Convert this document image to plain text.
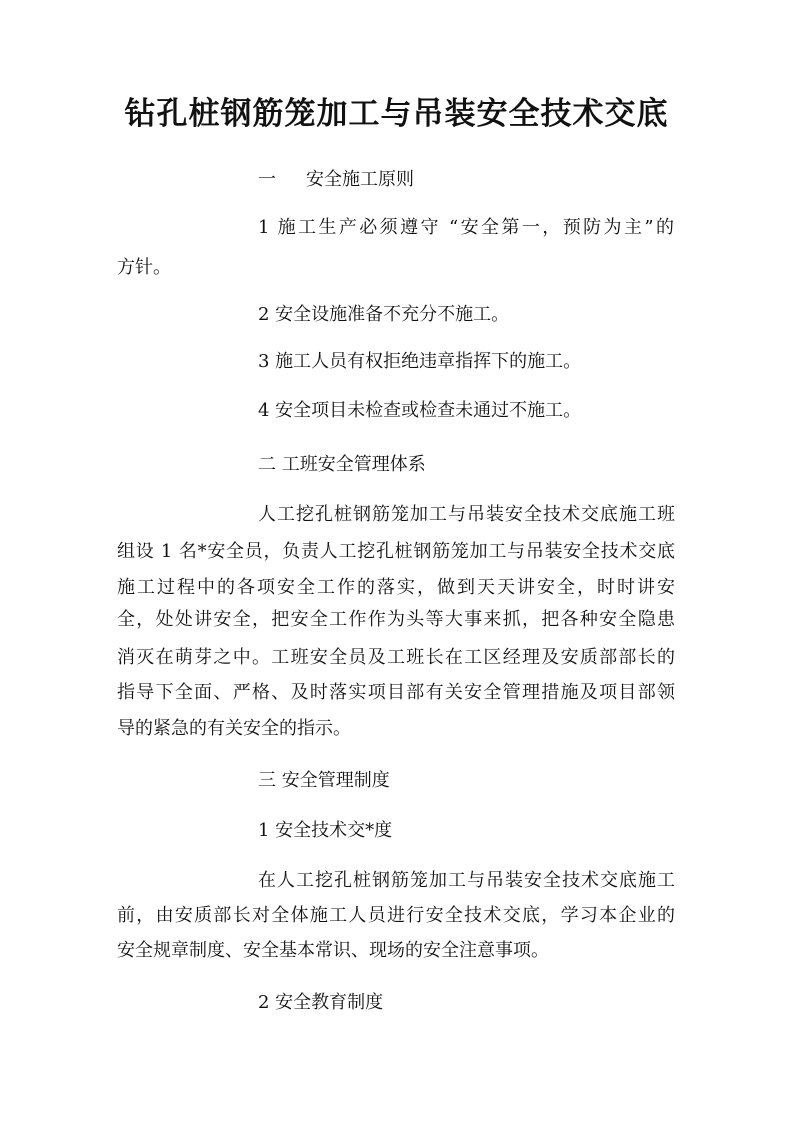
钻孔桩钢筋笼加工与吊装安全技术交底
一 安全施工原则
1 施工生产必须遵守 “安全第一，预防为主”的
方针。
2 安全设施准备不充分不施工。
3 施工人员有权拒绝违章指挥下的施工。
4 安全项目未检查或检查未通过不施工。
二 工班安全管理体系
人工挖孔桩钢筋笼加工与吊装安全技术交底施工班
组设 1 名*安全员，负责人工挖孔桩钢筋笼加工与吊装安全技术交底
施工过程中的各项安全工作的落实，做到天天讲安全，时时讲安
全，处处讲安全，把安全工作作为头等大事来抓，把各种安全隐患
消灭在萌芽之中。工班安全员及工班长在工区经理及安质部部长的
指导下全面、严格、及时落实项目部有关安全管理措施及项目部领
导的紧急的有关安全的指示。
三 安全管理制度
1 安全技术交*度
在人工挖孔桩钢筋笼加工与吊装安全技术交底施工
前，由安质部长对全体施工人员进行安全技术交底，学习本企业的
安全规章制度、安全基本常识、现场的安全注意事项。
2 安全教育制度
